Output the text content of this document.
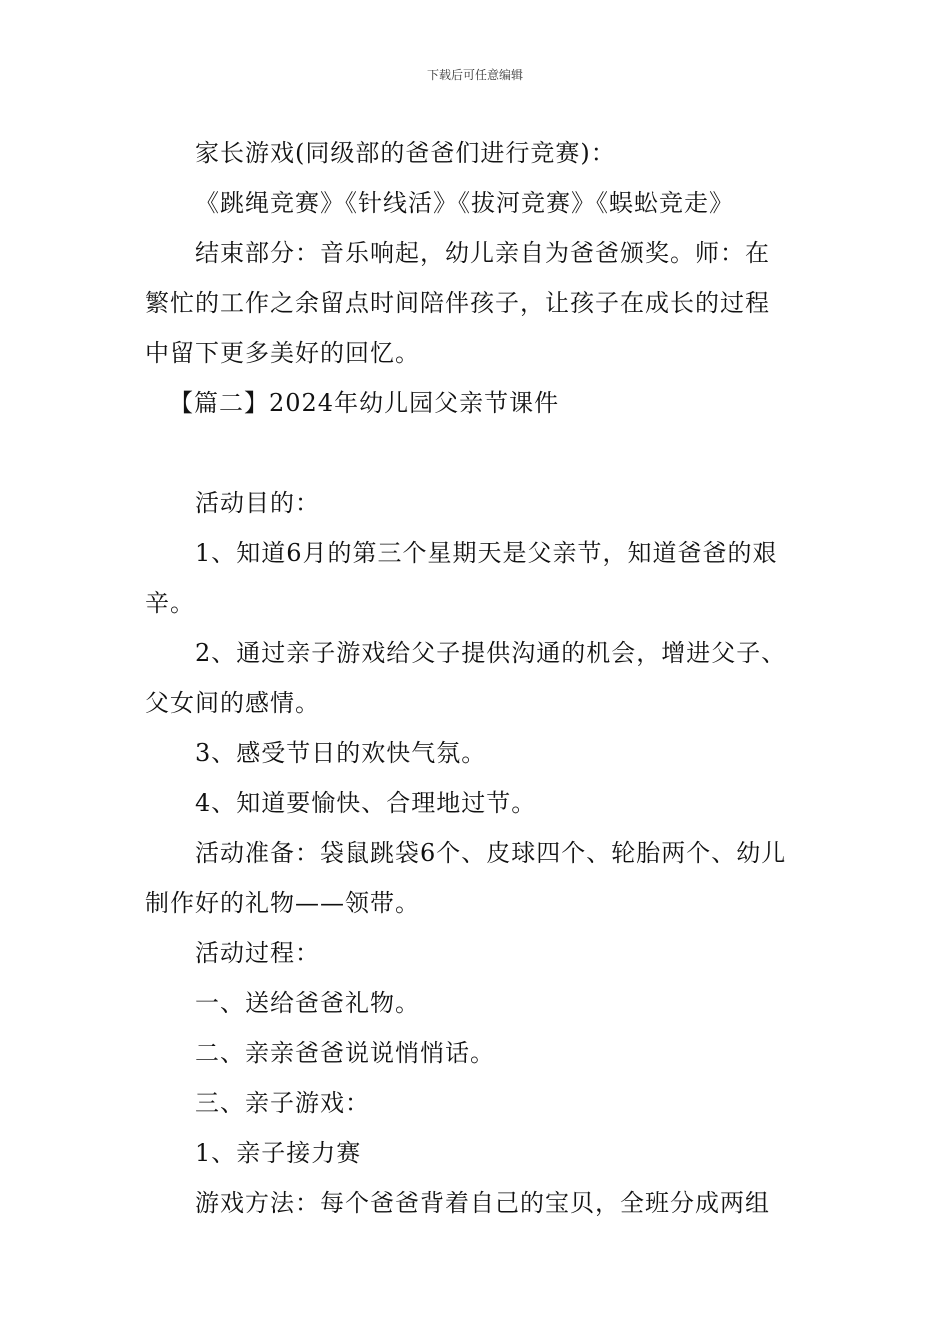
下载后可任意编辑

家长游戏(同级部的爸爸们进行竞赛)：

《跳绳竞赛》《针线活》《拔河竞赛》《蜈蚣竞走》

结束部分：音乐响起，幼儿亲自为爸爸颁奖。师：在

繁忙的工作之余留点时间陪伴孩子，让孩子在成长的过程

中留下更多美好的回忆。

【篇二】2024年幼儿园父亲节课件

活动目的：

1、知道6月的第三个星期天是父亲节，知道爸爸的艰

辛。

2、通过亲子游戏给父子提供沟通的机会，增进父子、

父女间的感情。

3、感受节日的欢快气氛。

4、知道要愉快、合理地过节。

活动准备：袋鼠跳袋6个、皮球四个、轮胎两个、幼儿

制作好的礼物——领带。

活动过程：

一、送给爸爸礼物。

二、亲亲爸爸说说悄悄话。

三、亲子游戏：

1、亲子接力赛

游戏方法：每个爸爸背着自己的宝贝，全班分成两组
